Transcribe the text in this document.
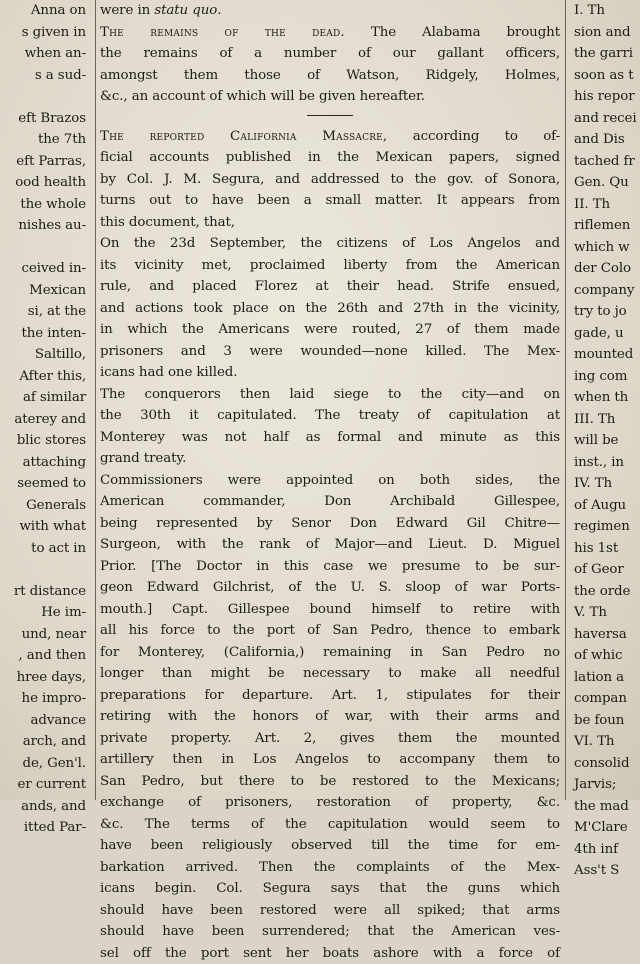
Anna on
s given in
when an-
s a sud-

eft Brazos
the 7th
eft Parras,
ood health
the whole
nishes au-

ceived in-
Mexican
si, at the
the inten-
Saltillo,
After this,
af similar
aterey and
blic stores
attaching
seemed to
Generals
with what
to act in

rt distance
He im-
und, near
, and then
hree days,
he impro-
advance
arch, and
de, Gen'l.
er current
ands, and
itted Par-
were in statu quo.
The remains of the dead. The Alabama brought
the remains of a number of our gallant officers,
amongst them those of Watson, Ridgely, Holmes,
&c., an account of which will be given hereafter.
The reported California Massacre, according to of-
ficial accounts published in the Mexican papers, signed
by Col. J. M. Segura, and addressed to the gov. of Sonora,
turns out to have been a small matter. It appears from
this document, that,
On the 23d September, the citizens of Los Angelos and
its vicinity met, proclaimed liberty from the American
rule, and placed Florez at their head. Strife ensued,
and actions took place on the 26th and 27th in the vicinity,
in which the Americans were routed, 27 of them made
prisoners and 3 were wounded—none killed. The Mex-
icans had one killed.
The conquerors then laid siege to the city—and on
the 30th it capitulated. The treaty of capitulation at
Monterey was not half as formal and minute as this
grand treaty.
Commissioners were appointed on both sides, the
American commander, Don Archibald Gillespee,
being represented by Senor Don Edward Gil Chitre—
Surgeon, with the rank of Major—and Lieut. D. Miguel
Prior. [The Doctor in this case we presume to be sur-
geon Edward Gilchrist, of the U. S. sloop of war Ports-
mouth.] Capt. Gillespee bound himself to retire with
all his force to the port of San Pedro, thence to embark
for Monterey, (California,) remaining in San Pedro no
longer than might be necessary to make all needful
preparations for departure. Art. 1, stipulates for their
retiring with the honors of war, with their arms and
private property. Art. 2, gives them the mounted
artillery then in Los Angelos to accompany them to
San Pedro, but there to be restored to the Mexicans;
exchange of prisoners, restoration of property, &c.
&c. The terms of the capitulation would seem to
have been religiously observed till the time for em-
barkation arrived. Then the complaints of the Mex-
icans begin. Col. Segura says that the guns which
should have been restored were all spiked; that arms
should have been surrendered; that the American ves-
sel off the port sent her boats ashore with a force of
I. Th
sion and
the garri
soon as t
his repor
and recei
and Dis
tached fr
Gen. Qu
II. Th
riflemen
which w
der Colo
company
try to jo
gade, u
mounted
ing com
when th
III. Th
will be
inst., in
IV. Th
of Augu
regimen
his 1st
of Geor
the orde
V. Th
haversa
of whic
lation a
compan
be foun
VI. Th
consolid
Jarvis;
the mad
M'Clare
4th inf
Ass't S
